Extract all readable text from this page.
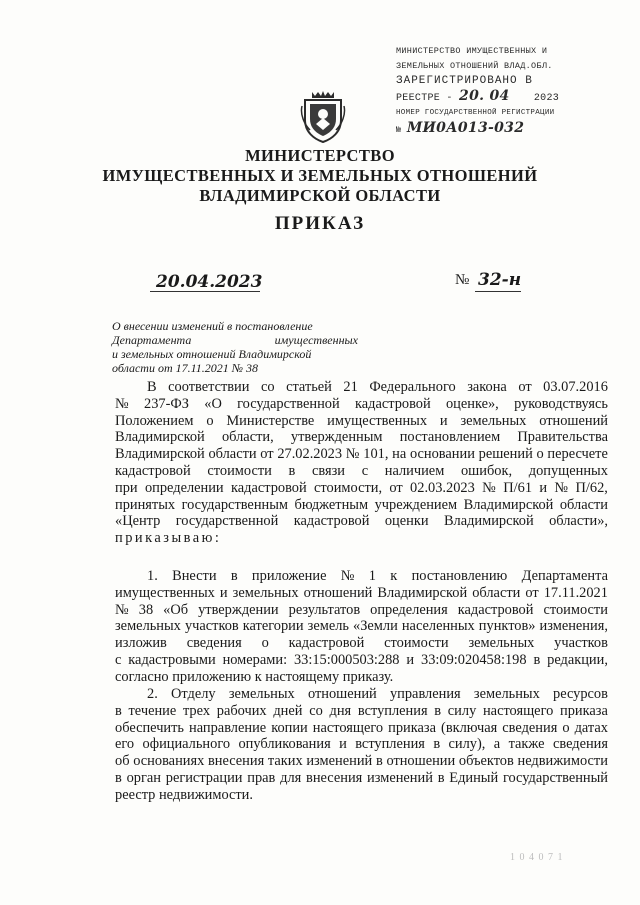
МИНИСТЕРСТВО ИМУЩЕСТВЕННЫХ И
ЗЕМЕЛЬНЫХ ОТНОШЕНИЙ ВЛАД.ОБЛ.
ЗАРЕГИСТРИРОВАНО В
РЕЕСТРЕ - 20. 04 2023
НОМЕР ГОСУДАРСТВЕННОЙ РЕГИСТРАЦИИ
№ МИ0А013-032
МИНИСТЕРСТВО
ИМУЩЕСТВЕННЫХ И ЗЕМЕЛЬНЫХ ОТНОШЕНИЙ
ВЛАДИМИРСКОЙ ОБЛАСТИ
ПРИКАЗ
20.04.2023	№ 32-н
О внесении изменений в постановление
Департамента	имущественных
и земельных отношений Владимирской
области от 17.11.2021 № 38
В соответствии со статьей 21 Федерального закона от 03.07.2016
№ 237-ФЗ «О государственной кадастровой оценке», руководствуясь
Положением о Министерстве имущественных и земельных отношений
Владимирской области, утвержденным постановлением Правительства
Владимирской области от 27.02.2023 № 101, на основании решений о пересчете
кадастровой стоимости в связи с наличием ошибок, допущенных
при определении кадастровой стоимости, от 02.03.2023 № П/61 и № П/62,
принятых государственным бюджетным учреждением Владимирской области
«Центр государственной кадастровой оценки Владимирской области»,
приказываю:
1. Внести в приложение № 1 к постановлению Департамента
имущественных и земельных отношений Владимирской области от 17.11.2021
№ 38 «Об утверждении результатов определения кадастровой стоимости
земельных участков категории земель «Земли населенных пунктов» изменения,
изложив сведения о кадастровой стоимости земельных участков
с кадастровыми номерами: 33:15:000503:288 и 33:09:020458:198 в редакции,
согласно приложению к настоящему приказу.
2. Отделу земельных отношений управления земельных ресурсов
в течение трех рабочих дней со дня вступления в силу настоящего приказа
обеспечить направление копии настоящего приказа (включая сведения о датах
его официального опубликования и вступления в силу), а также сведения
об основаниях внесения таких изменений в отношении объектов недвижимости
в орган регистрации прав для внесения изменений в Единый государственный
реестр недвижимости.
1 0 4 0 7 1
